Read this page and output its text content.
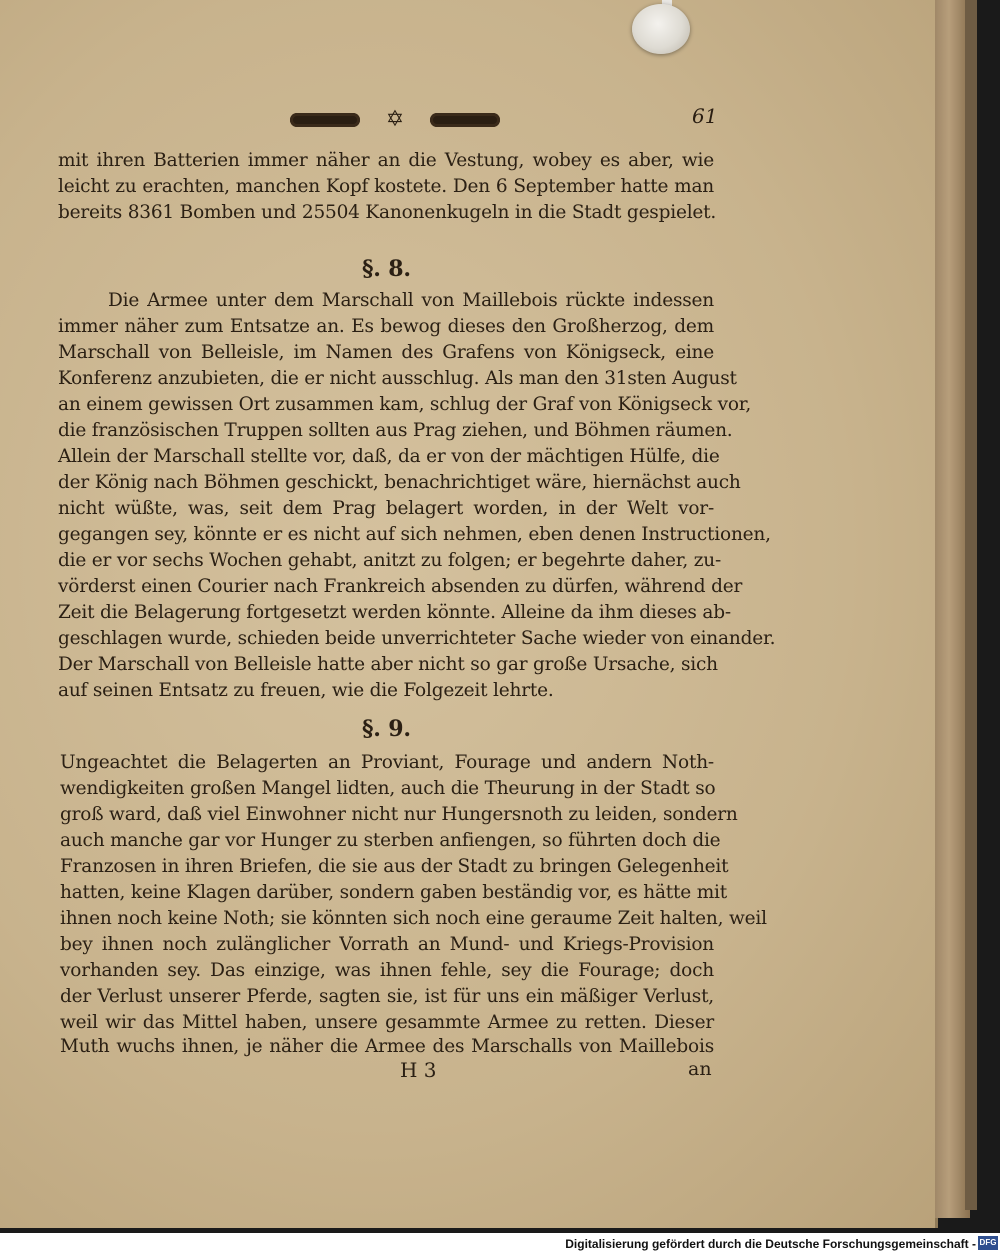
✡	61
mit ihren Batterien immer näher an die Vestung, wobey es aber, wie
leicht zu erachten, manchen Kopf kostete. Den 6 September hatte man
bereits 8361 Bomben und 25504 Kanonenkugeln in die Stadt gespielet.
§. 8.
Die Armee unter dem Marschall von Maillebois rückte indessen
immer näher zum Entsatze an. Es bewog dieses den Großherzog, dem
Marschall von Belleisle, im Namen des Grafens von Königseck, eine
Konferenz anzubieten, die er nicht ausschlug. Als man den 31sten August
an einem gewissen Ort zusammen kam, schlug der Graf von Königseck vor,
die französischen Truppen sollten aus Prag ziehen, und Böhmen räumen.
Allein der Marschall stellte vor, daß, da er von der mächtigen Hülfe, die
der König nach Böhmen geschickt, benachrichtiget wäre, hiernächst auch
nicht wüßte, was, seit dem Prag belagert worden, in der Welt vor-
gegangen sey, könnte er es nicht auf sich nehmen, eben denen Instructionen,
die er vor sechs Wochen gehabt, anitzt zu folgen; er begehrte daher, zu-
vörderst einen Courier nach Frankreich absenden zu dürfen, während der
Zeit die Belagerung fortgesetzt werden könnte. Alleine da ihm dieses ab-
geschlagen wurde, schieden beide unverrichteter Sache wieder von einander.
Der Marschall von Belleisle hatte aber nicht so gar große Ursache, sich
auf seinen Entsatz zu freuen, wie die Folgezeit lehrte.
§. 9.
Ungeachtet die Belagerten an Proviant, Fourage und andern Noth-
wendigkeiten großen Mangel lidten, auch die Theurung in der Stadt so
groß ward, daß viel Einwohner nicht nur Hungersnoth zu leiden, sondern
auch manche gar vor Hunger zu sterben anfiengen, so führten doch die
Franzosen in ihren Briefen, die sie aus der Stadt zu bringen Gelegenheit
hatten, keine Klagen darüber, sondern gaben beständig vor, es hätte mit
ihnen noch keine Noth; sie könnten sich noch eine geraume Zeit halten, weil
bey ihnen noch zulänglicher Vorrath an Mund- und Kriegs-Provision
vorhanden sey. Das einzige, was ihnen fehle, sey die Fourage; doch
der Verlust unserer Pferde, sagten sie, ist für uns ein mäßiger Verlust,
weil wir das Mittel haben, unsere gesammte Armee zu retten. Dieser
Muth wuchs ihnen, je näher die Armee des Marschalls von Maillebois
H 3	an
Digitalisierung gefördert durch die Deutsche Forschungsgemeinschaft - DFG
